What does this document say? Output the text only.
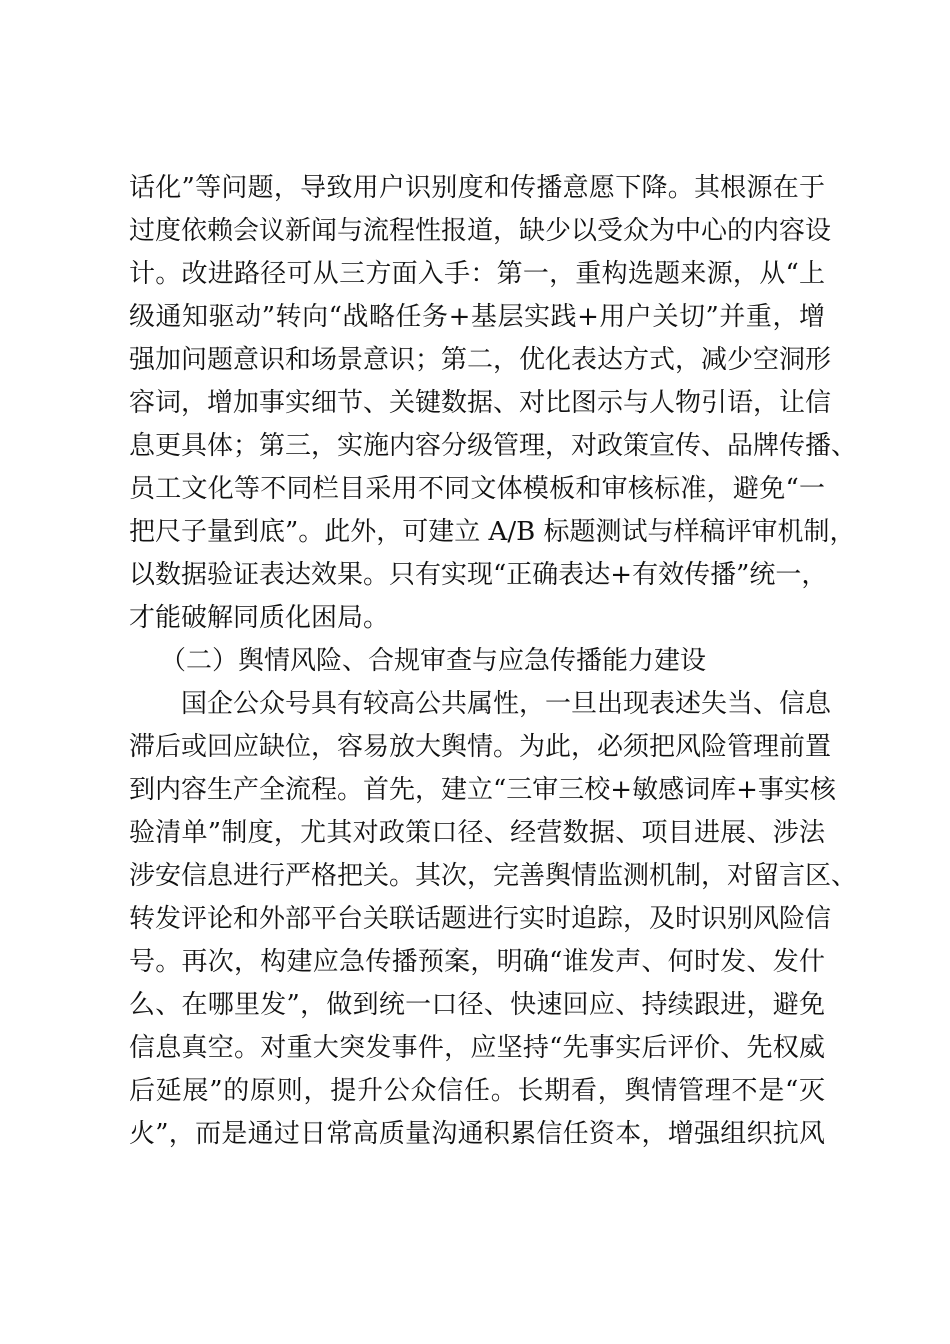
话化”等问题，导致用户识别度和传播意愿下降。其根源在于
过度依赖会议新闻与流程性报道，缺少以受众为中心的内容设
计。改进路径可从三方面入手：第一，重构选题来源，从“上
级通知驱动”转向“战略任务+基层实践+用户关切”并重，增
强加问题意识和场景意识；第二，优化表达方式，减少空洞形
容词，增加事实细节、关键数据、对比图示与人物引语，让信
息更具体；第三，实施内容分级管理，对政策宣传、品牌传播、
员工文化等不同栏目采用不同文体模板和审核标准，避免“一
把尺子量到底”。此外，可建立 A/B 标题测试与样稿评审机制，
以数据验证表达效果。只有实现“正确表达+有效传播”统一，
才能破解同质化困局。
（二）舆情风险、合规审查与应急传播能力建设
国企公众号具有较高公共属性，一旦出现表述失当、信息
滞后或回应缺位，容易放大舆情。为此，必须把风险管理前置
到内容生产全流程。首先，建立“三审三校+敏感词库+事实核
验清单”制度，尤其对政策口径、经营数据、项目进展、涉法
涉安信息进行严格把关。其次，完善舆情监测机制，对留言区、
转发评论和外部平台关联话题进行实时追踪，及时识别风险信
号。再次，构建应急传播预案，明确“谁发声、何时发、发什
么、在哪里发”，做到统一口径、快速回应、持续跟进，避免
信息真空。对重大突发事件，应坚持“先事实后评价、先权威
后延展”的原则，提升公众信任。长期看，舆情管理不是“灭
火”，而是通过日常高质量沟通积累信任资本，增强组织抗风
